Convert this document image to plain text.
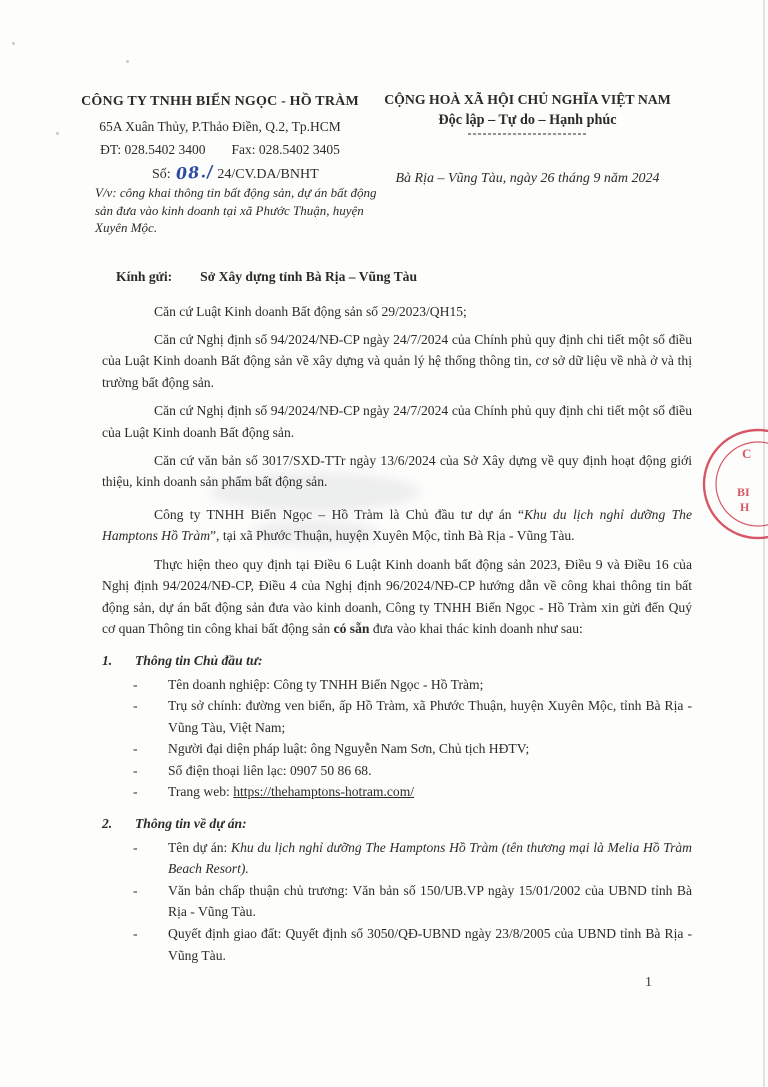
CÔNG TY TNHH BIỂN NGỌC - HỒ TRÀM
65A Xuân Thủy, P.Thảo Điền, Q.2, Tp.HCM
ĐT: 028.5402 3400 Fax: 028.5402 3405
Số: 08./ 24/CV.DA/BNHT
V/v: công khai thông tin bất động sản, dự án bất động sản đưa vào kinh doanh tại xã Phước Thuận, huyện Xuyên Mộc.
CỘNG HOÀ XÃ HỘI CHỦ NGHĨA VIỆT NAM
Độc lập – Tự do – Hạnh phúc
------------------------
Bà Rịa – Vũng Tàu, ngày 26 tháng 9 năm 2024
Kính gửi: Sở Xây dựng tỉnh Bà Rịa – Vũng Tàu

Căn cứ Luật Kinh doanh Bất động sản số 29/2023/QH15;

Căn cứ Nghị định số 94/2024/NĐ-CP ngày 24/7/2024 của Chính phủ quy định chi tiết một số điều của Luật Kinh doanh Bất động sản về xây dựng và quản lý hệ thống thông tin, cơ sở dữ liệu về nhà ở và thị trường bất động sản.

Căn cứ Nghị định số 94/2024/NĐ-CP ngày 24/7/2024 của Chính phủ quy định chi tiết một số điều của Luật Kinh doanh Bất động sản.

Căn cứ văn bản số 3017/SXD-TTr ngày 13/6/2024 của Sở Xây dựng về quy định hoạt động giới thiệu, kinh doanh sản phẩm bất động sản.

Công ty TNHH Biển Ngọc – Hồ Tràm là Chủ đầu tư dự án “Khu du lịch nghỉ dưỡng The Hamptons Hồ Tràm”, tại xã Phước Thuận, huyện Xuyên Mộc, tỉnh Bà Rịa - Vũng Tàu.

Thực hiện theo quy định tại Điều 6 Luật Kinh doanh bất động sản 2023, Điều 9 và Điều 16 của Nghị định 94/2024/NĐ-CP, Điều 4 của Nghị định 96/2024/NĐ-CP hướng dẫn về công khai thông tin bất động sản, dự án bất động sản đưa vào kinh doanh, Công ty TNHH Biển Ngọc - Hồ Tràm xin gửi đến Quý cơ quan Thông tin công khai bất động sản có sẵn đưa vào khai thác kinh doanh như sau:

1.	Thông tin Chủ đầu tư:
-	Tên doanh nghiệp: Công ty TNHH Biển Ngọc - Hồ Tràm;
-	Trụ sở chính: đường ven biển, ấp Hồ Tràm, xã Phước Thuận, huyện Xuyên Mộc, tỉnh Bà Rịa - Vũng Tàu, Việt Nam;
-	Người đại diện pháp luật: ông Nguyễn Nam Sơn, Chủ tịch HĐTV;
-	Số điện thoại liên lạc: 0907 50 86 68.
-	Trang web: https://thehamptons-hotram.com/
2.	Thông tin về dự án:
-	Tên dự án: Khu du lịch nghỉ dưỡng The Hamptons Hồ Tràm (tên thương mại là Melia Hồ Tràm Beach Resort).
-	Văn bản chấp thuận chủ trương: Văn bản số 150/UB.VP ngày 15/01/2002 của UBND tỉnh Bà Rịa - Vũng Tàu.
-	Quyết định giao đất: Quyết định số 3050/QĐ-UBND ngày 23/8/2005 của UBND tỉnh Bà Rịa - Vũng Tàu.
C
BI
H
1
